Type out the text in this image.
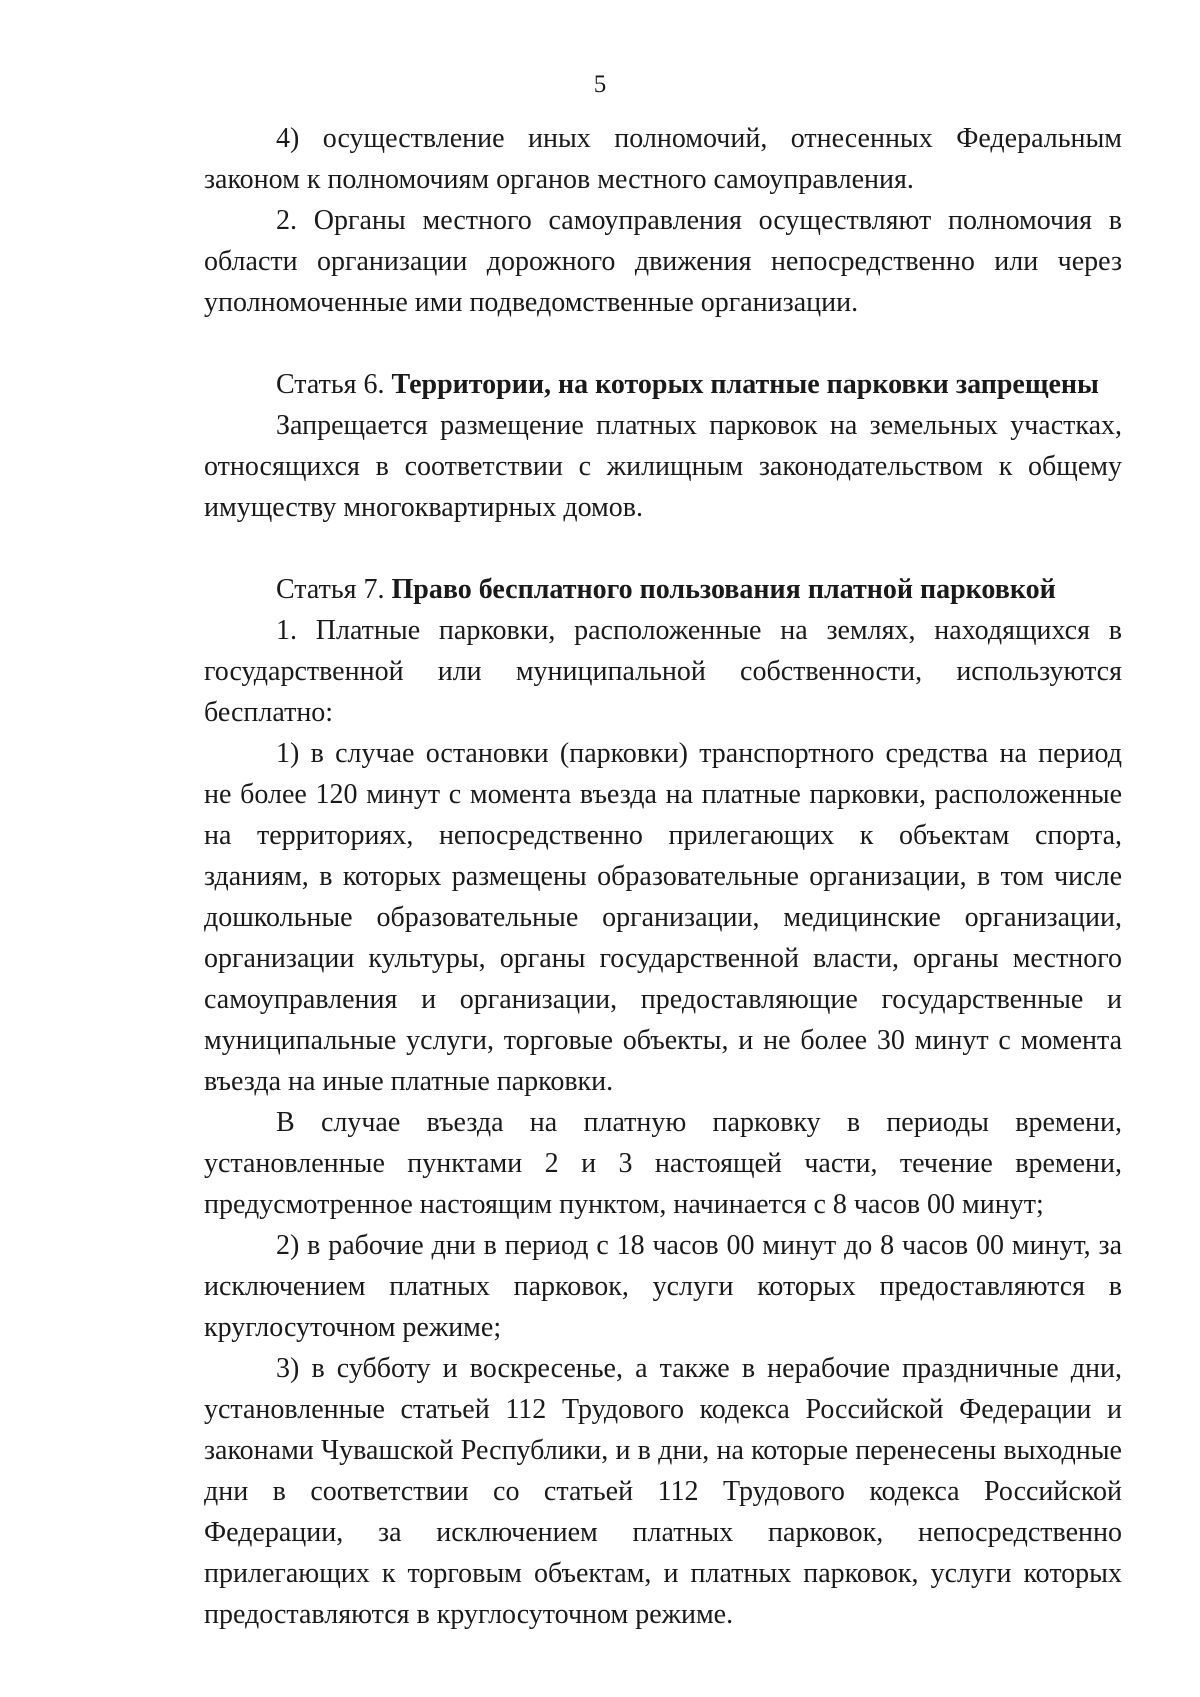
5

4) осуществление иных полномочий, отнесенных Федеральным законом к полномочиям органов местного самоуправления.

2. Органы местного самоуправления осуществляют полномочия в области организации дорожного движения непосредственно или через уполномоченные ими подведомственные организации.

Статья 6. Территории, на которых платные парковки запрещены

Запрещается размещение платных парковок на земельных участках, относящихся в соответствии с жилищным законодательством к общему имуществу многоквартирных домов.

Статья 7. Право бесплатного пользования платной парковкой

1. Платные парковки, расположенные на землях, находящихся в государственной или муниципальной собственности, используются бесплатно:

1) в случае остановки (парковки) транспортного средства на период не более 120 минут с момента въезда на платные парковки, расположенные на территориях, непосредственно прилегающих к объектам спорта, зданиям, в которых размещены образовательные организации, в том числе дошкольные образовательные организации, медицинские организации, организации культуры, органы государственной власти, органы местного самоуправления и организации, предоставляющие государственные и муниципальные услуги, торговые объекты, и не более 30 минут с момента въезда на иные платные парковки.

В случае въезда на платную парковку в периоды времени, установленные пунктами 2 и 3 настоящей части, течение времени, предусмотренное настоящим пунктом, начинается с 8 часов 00 минут;

2) в рабочие дни в период с 18 часов 00 минут до 8 часов 00 минут, за исключением платных парковок, услуги которых предоставляются в круглосуточном режиме;

3) в субботу и воскресенье, а также в нерабочие праздничные дни, установленные статьей 112 Трудового кодекса Российской Федерации и законами Чувашской Республики, и в дни, на которые перенесены выходные дни в соответствии со статьей 112 Трудового кодекса Российской Федерации, за исключением платных парковок, непосредственно прилегающих к торговым объектам, и платных парковок, услуги которых предоставляются в круглосуточном режиме.
